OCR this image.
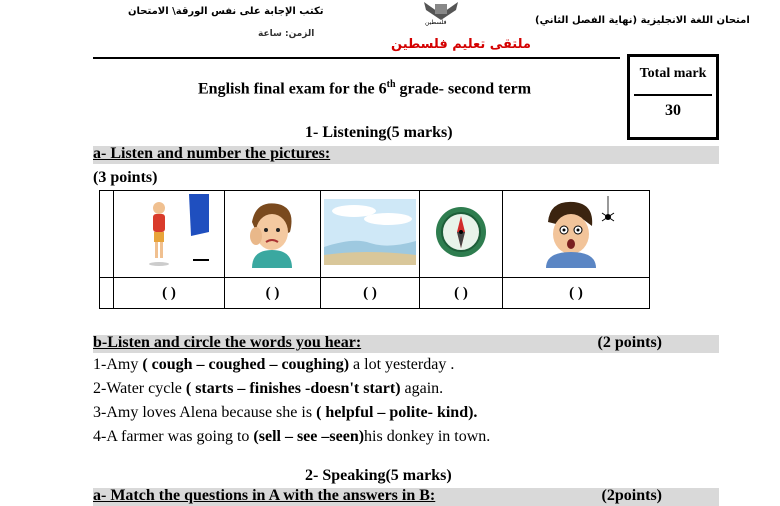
تكتب الإجابة على نفس الورقة\ الامتحان
الزمن: ساعة
امتحان اللغة الانجليزية (نهاية الفصل الثاني)
ملتقى تعليم فلسطين
فلسطين
Total mark
30
English final exam for the 6th grade- second term
1- Listening(5 marks)
a- Listen and number the pictures:
(3 points)

	( )	( )	( )	( )	( )
b-Listen and circle the words you hear:	(2 points)
1-Amy ( cough – coughed – coughing) a lot yesterday .
2-Water cycle ( starts – finishes -doesn't start) again.
3-Amy loves Alena because she is ( helpful – polite- kind).
4-A farmer was going to (sell – see –seen)his donkey in town.
2- Speaking(5 marks)
a- Match the questions in A with the answers in B:	(2points)
